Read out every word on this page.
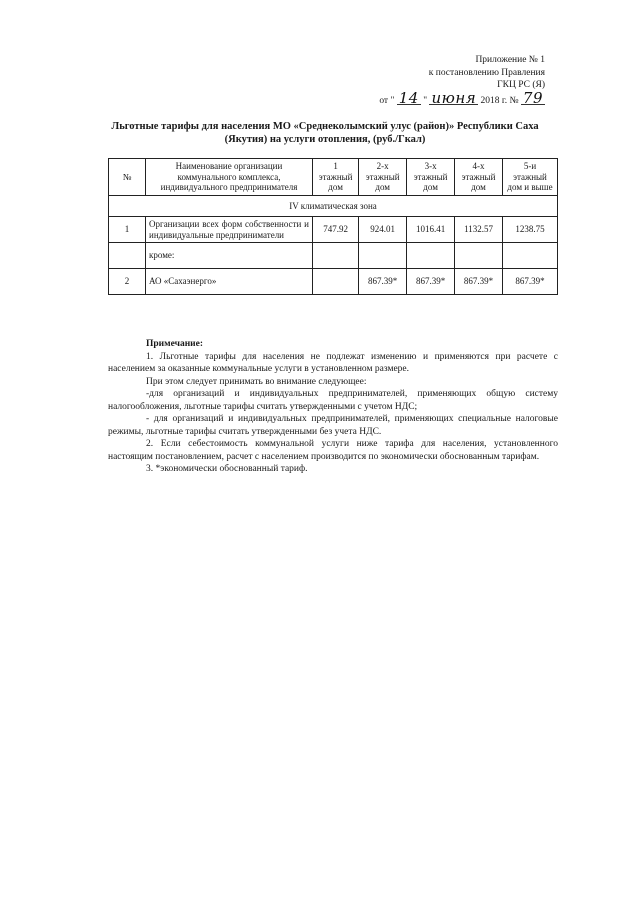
Приложение № 1
к постановлению Правления
ГКЦ РС (Я)
от " 14 " июня 2018 г. № 79
Льготные тарифы для населения МО «Среднеколымский улус (район)» Республики Саха
(Якутия) на услуги отопления, (руб./Гкал)
№	Наименование организации коммунального комплекса, индивидуального предпринимателя	1 этажный дом	2-х этажный дом	3-х этажный дом	4-х этажный дом	5-и этажный дом и выше
IV климатическая зона						
1	Организации всех форм собственности и индивидуальные предприниматели	747.92	924.01	1016.41	1132.57	1238.75
	кроме:					
2	АО «Сахаэнерго»		867.39*	867.39*	867.39*	867.39*

Примечание:

1. Льготные тарифы для населения не подлежат изменению и применяются при расчете с населением за оказанные коммунальные услуги в установленном размере.

При этом следует принимать во внимание следующее:

-для организаций и индивидуальных предпринимателей, применяющих общую систему налогообложения, льготные тарифы считать утвержденными с учетом НДС;

- для организаций и индивидуальных предпринимателей, применяющих специальные налоговые режимы, льготные тарифы считать утвержденными без учета НДС.

2. Если себестоимость коммунальной услуги ниже тарифа для населения, установленного настоящим постановлением, расчет с населением производится по экономически обоснованным тарифам.

3. *экономически обоснованный тариф.
